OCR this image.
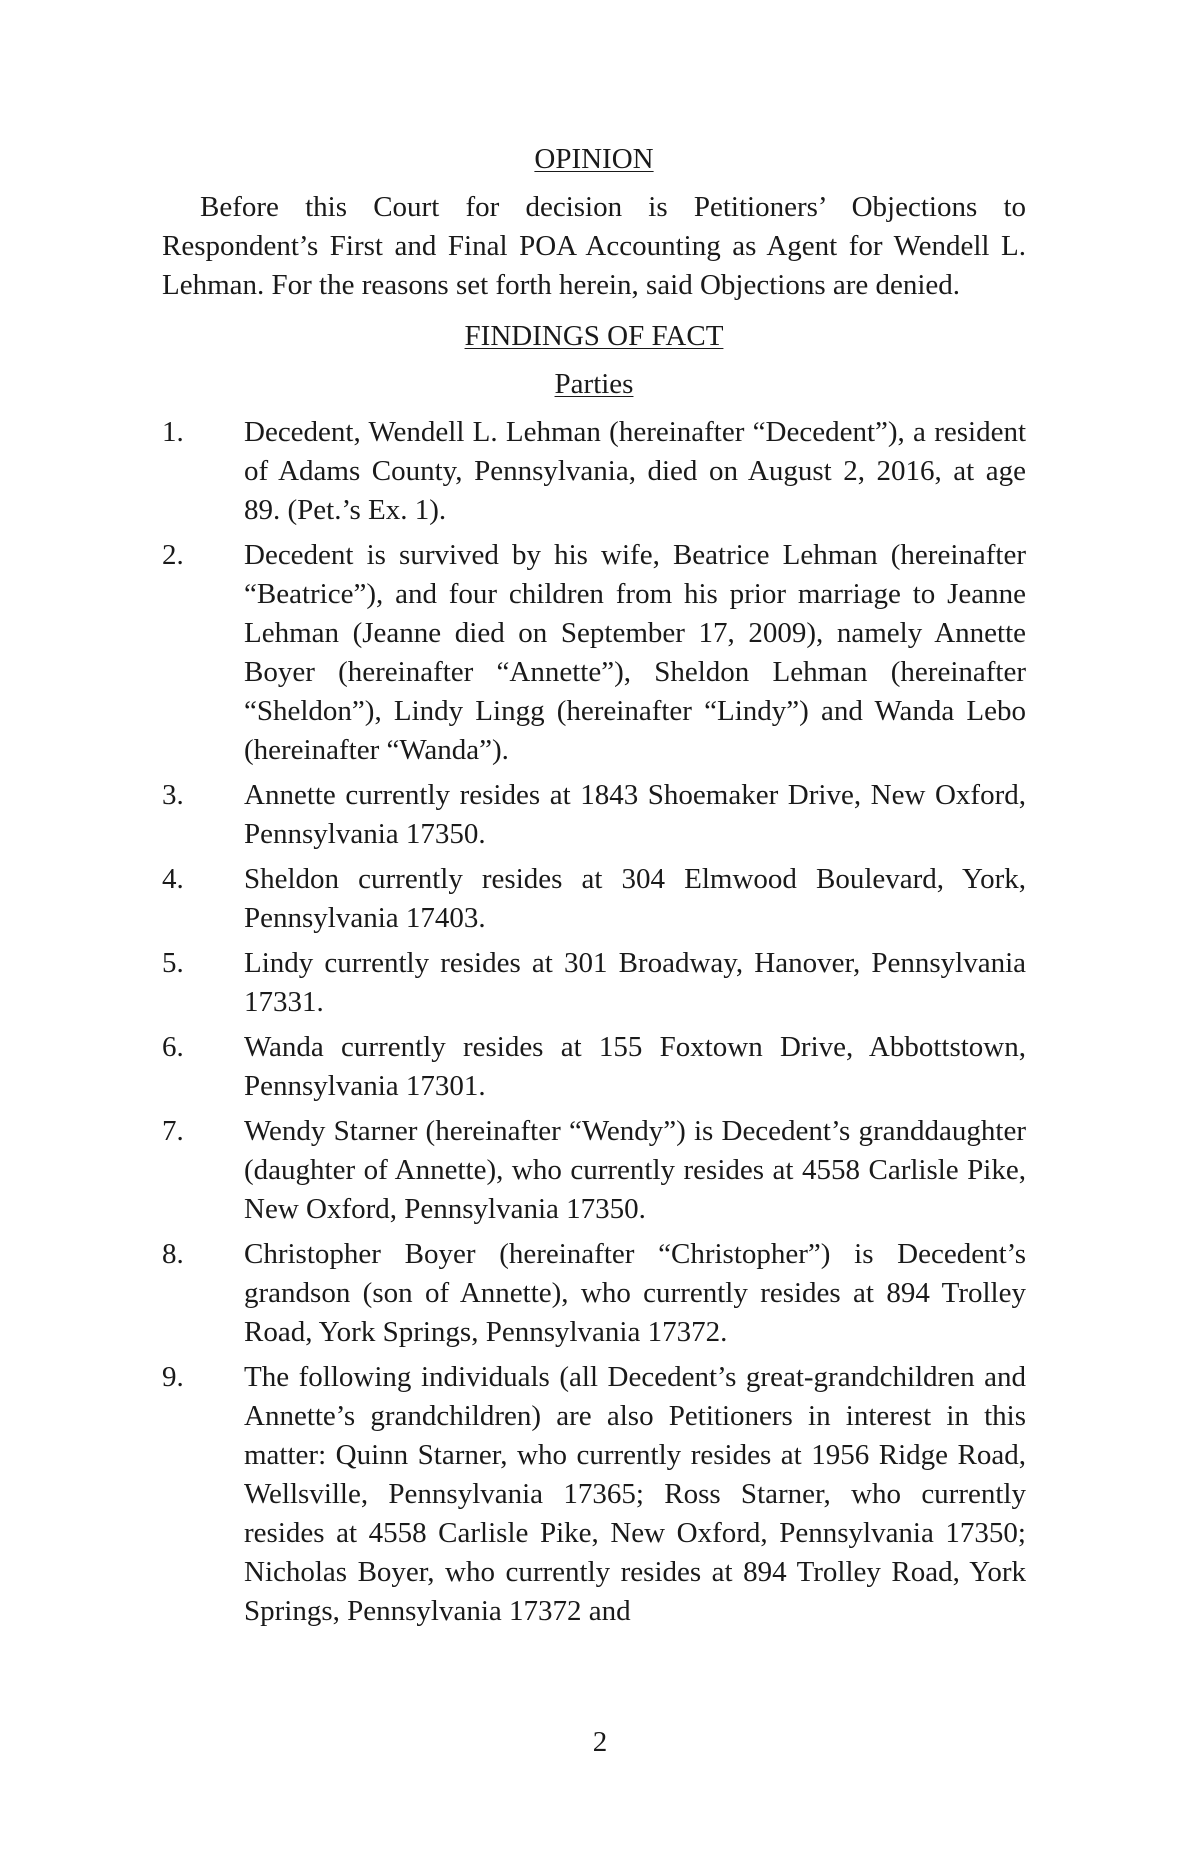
OPINION

Before this Court for decision is Petitioners’ Objections to Respondent’s First and Final POA Accounting as Agent for Wendell L. Lehman. For the reasons set forth herein, said Objections are denied.

FINDINGS OF FACT

Parties

1. Decedent, Wendell L. Lehman (hereinafter “Decedent”), a resident of Adams County, Pennsylvania, died on August 2, 2016, at age 89. (Pet.’s Ex. 1).
2. Decedent is survived by his wife, Beatrice Lehman (hereinafter “Beatrice”), and four children from his prior marriage to Jeanne Lehman (Jeanne died on September 17, 2009), namely Annette Boyer (hereinafter “Annette”), Sheldon Lehman (hereinafter “Sheldon”), Lindy Lingg (hereinafter “Lindy”) and Wanda Lebo (hereinafter “Wanda”).
3. Annette currently resides at 1843 Shoemaker Drive, New Oxford, Pennsylvania 17350.
4. Sheldon currently resides at 304 Elmwood Boulevard, York, Pennsylvania 17403.
5. Lindy currently resides at 301 Broadway, Hanover, Pennsylvania 17331.
6. Wanda currently resides at 155 Foxtown Drive, Abbottstown, Pennsylvania 17301.
7. Wendy Starner (hereinafter “Wendy”) is Decedent’s granddaughter (daughter of Annette), who currently resides at 4558 Carlisle Pike, New Oxford, Pennsylvania 17350.
8. Christopher Boyer (hereinafter “Christopher”) is Decedent’s grandson (son of Annette), who currently resides at 894 Trolley Road, York Springs, Pennsylvania 17372.
9. The following individuals (all Decedent’s great-grandchildren and Annette’s grandchildren) are also Petitioners in interest in this matter: Quinn Starner, who currently resides at 1956 Ridge Road, Wellsville, Pennsylvania 17365; Ross Starner, who currently resides at 4558 Carlisle Pike, New Oxford, Pennsylvania 17350; Nicholas Boyer, who currently resides at 894 Trolley Road, York Springs, Pennsylvania 17372 and
2
